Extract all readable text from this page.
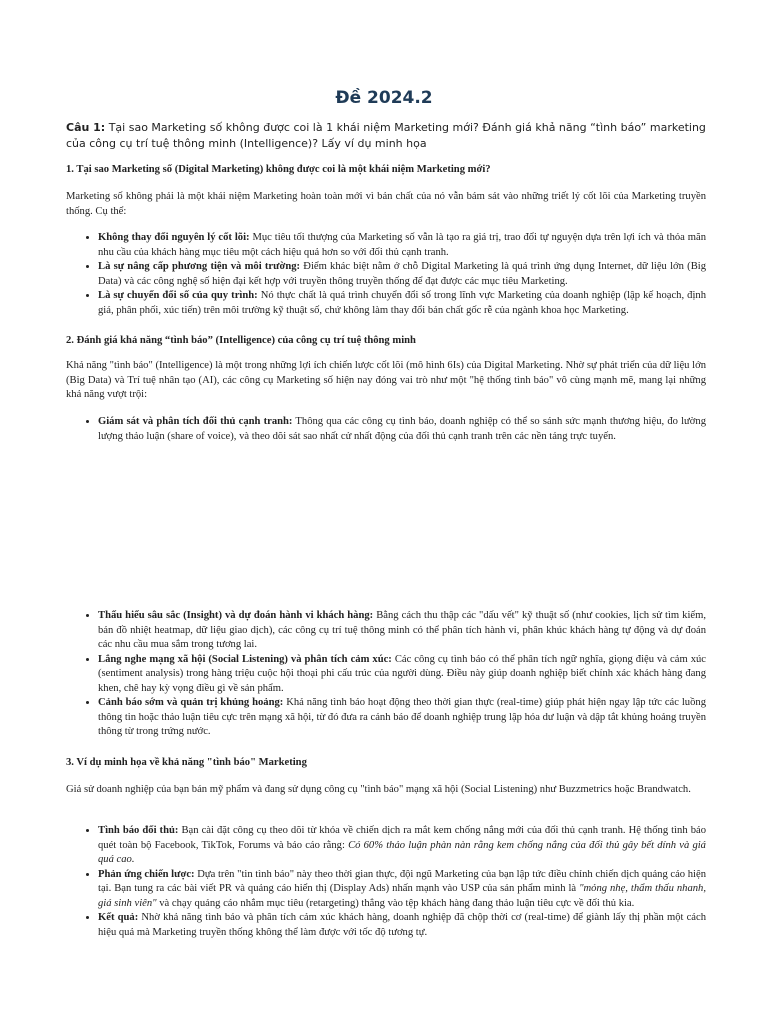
Đề 2024.2
Câu 1: Tại sao Marketing số không được coi là 1 khái niệm Marketing mới? Đánh giá khả năng “tình báo” marketing của công cụ trí tuệ thông minh (Intelligence)? Lấy ví dụ minh họa
1. Tại sao Marketing số (Digital Marketing) không được coi là một khái niệm Marketing mới?
Marketing số không phải là một khái niệm Marketing hoàn toàn mới vì bản chất của nó vẫn bám sát vào những triết lý cốt lõi của Marketing truyền thống. Cụ thể:
• Không thay đổi nguyên lý cốt lõi: Mục tiêu tối thượng của Marketing số vẫn là tạo ra giá trị, trao đổi tự nguyện dựa trên lợi ích và thỏa mãn nhu cầu của khách hàng mục tiêu một cách hiệu quả hơn so với đối thủ cạnh tranh.
• Là sự nâng cấp phương tiện và môi trường: Điểm khác biệt nằm ở chỗ Digital Marketing là quá trình ứng dụng Internet, dữ liệu lớn (Big Data) và các công nghệ số hiện đại kết hợp với truyền thông truyền thống để đạt được các mục tiêu Marketing.
• Là sự chuyển đổi số của quy trình: Nó thực chất là quá trình chuyển đổi số trong lĩnh vực Marketing của doanh nghiệp (lập kế hoạch, định giá, phân phối, xúc tiến) trên môi trường kỹ thuật số, chứ không làm thay đổi bản chất gốc rễ của ngành khoa học Marketing.
2. Đánh giá khả năng “tình báo” (Intelligence) của công cụ trí tuệ thông minh
Khả năng "tình báo" (Intelligence) là một trong những lợi ích chiến lược cốt lõi (mô hình 6Is) của Digital Marketing. Nhờ sự phát triển của dữ liệu lớn (Big Data) và Trí tuệ nhân tạo (AI), các công cụ Marketing số hiện nay đóng vai trò như một "hệ thống tình báo" vô cùng mạnh mẽ, mang lại những khả năng vượt trội:
• Giám sát và phân tích đối thủ cạnh tranh: Thông qua các công cụ tình báo, doanh nghiệp có thể so sánh sức mạnh thương hiệu, đo lường lượng thảo luận (share of voice), và theo dõi sát sao nhất cử nhất động của đối thủ cạnh tranh trên các nền tảng trực tuyến.
• Thấu hiểu sâu sắc (Insight) và dự đoán hành vi khách hàng: Bằng cách thu thập các "dấu vết" kỹ thuật số (như cookies, lịch sử tìm kiếm, bản đồ nhiệt heatmap, dữ liệu giao dịch), các công cụ trí tuệ thông minh có thể phân tích hành vi, phân khúc khách hàng tự động và dự đoán các nhu cầu mua sắm trong tương lai.
• Lắng nghe mạng xã hội (Social Listening) và phân tích cảm xúc: Các công cụ tình báo có thể phân tích ngữ nghĩa, giọng điệu và cảm xúc (sentiment analysis) trong hàng triệu cuộc hội thoại phi cấu trúc của người dùng. Điều này giúp doanh nghiệp biết chính xác khách hàng đang khen, chê hay kỳ vọng điều gì về sản phẩm.
• Cảnh báo sớm và quản trị khủng hoảng: Khả năng tình báo hoạt động theo thời gian thực (real-time) giúp phát hiện ngay lập tức các luồng thông tin hoặc thảo luận tiêu cực trên mạng xã hội, từ đó đưa ra cảnh báo để doanh nghiệp trung lập hóa dư luận và dập tắt khủng hoảng truyền thông từ trong trứng nước.
3. Ví dụ minh họa về khả năng "tình báo" Marketing
Giả sử doanh nghiệp của bạn bán mỹ phẩm và đang sử dụng công cụ "tình báo" mạng xã hội (Social Listening) như Buzzmetrics hoặc Brandwatch.
• Tình báo đối thủ: Bạn cài đặt công cụ theo dõi từ khóa về chiến dịch ra mắt kem chống nắng mới của đối thủ cạnh tranh. Hệ thống tình báo quét toàn bộ Facebook, TikTok, Forums và báo cáo rằng: Có 60% thảo luận phàn nàn rằng kem chống nắng của đối thủ gây bết dính và giá quá cao.
• Phản ứng chiến lược: Dựa trên "tin tình báo" này theo thời gian thực, đội ngũ Marketing của bạn lập tức điều chỉnh chiến dịch quảng cáo hiện tại. Bạn tung ra các bài viết PR và quảng cáo hiển thị (Display Ads) nhấn mạnh vào USP của sản phẩm mình là "mỏng nhẹ, thẩm thấu nhanh, giá sinh viên" và chạy quảng cáo nhắm mục tiêu (retargeting) thẳng vào tệp khách hàng đang thảo luận tiêu cực về đối thủ kia.
• Kết quả: Nhờ khả năng tình báo và phân tích cảm xúc khách hàng, doanh nghiệp đã chộp thời cơ (real-time) để giành lấy thị phần một cách hiệu quả mà Marketing truyền thống không thể làm được với tốc độ tương tự.
